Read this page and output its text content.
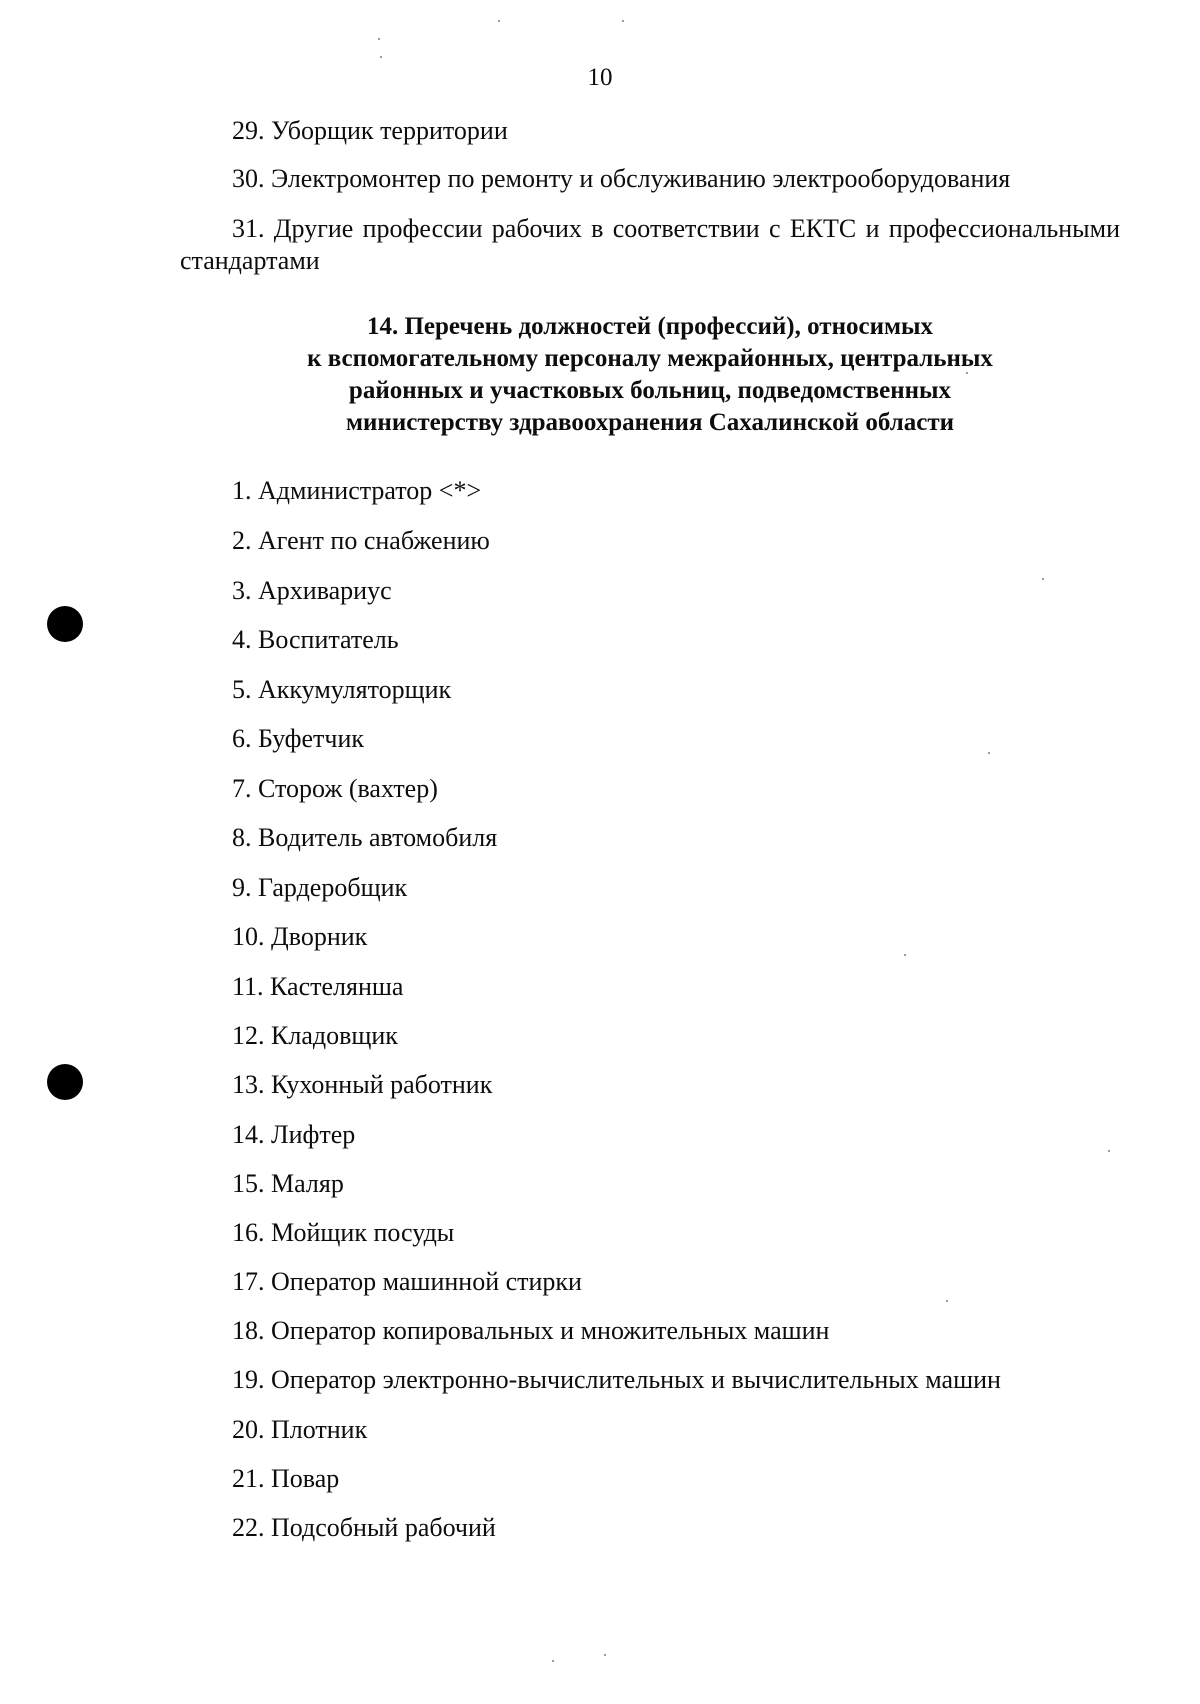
10
29. Уборщик территории
30. Электромонтер по ремонту и обслуживанию электрооборудования
31. Другие профессии рабочих в соответствии с ЕКТС и профессиональными стандартами
14. Перечень должностей (профессий), относимых
к вспомогательному персоналу межрайонных, центральных
районных и участковых больниц, подведомственных
министерству здравоохранения Сахалинской области
1. Администратор <*>
2. Агент по снабжению
3. Архивариус
4. Воспитатель
5. Аккумуляторщик
6. Буфетчик
7. Сторож (вахтер)
8. Водитель автомобиля
9. Гардеробщик
10. Дворник
11. Кастелянша
12. Кладовщик
13. Кухонный работник
14. Лифтер
15. Маляр
16. Мойщик посуды
17. Оператор машинной стирки
18. Оператор копировальных и множительных машин
19. Оператор электронно-вычислительных и вычислительных машин
20. Плотник
21. Повар
22. Подсобный рабочий
